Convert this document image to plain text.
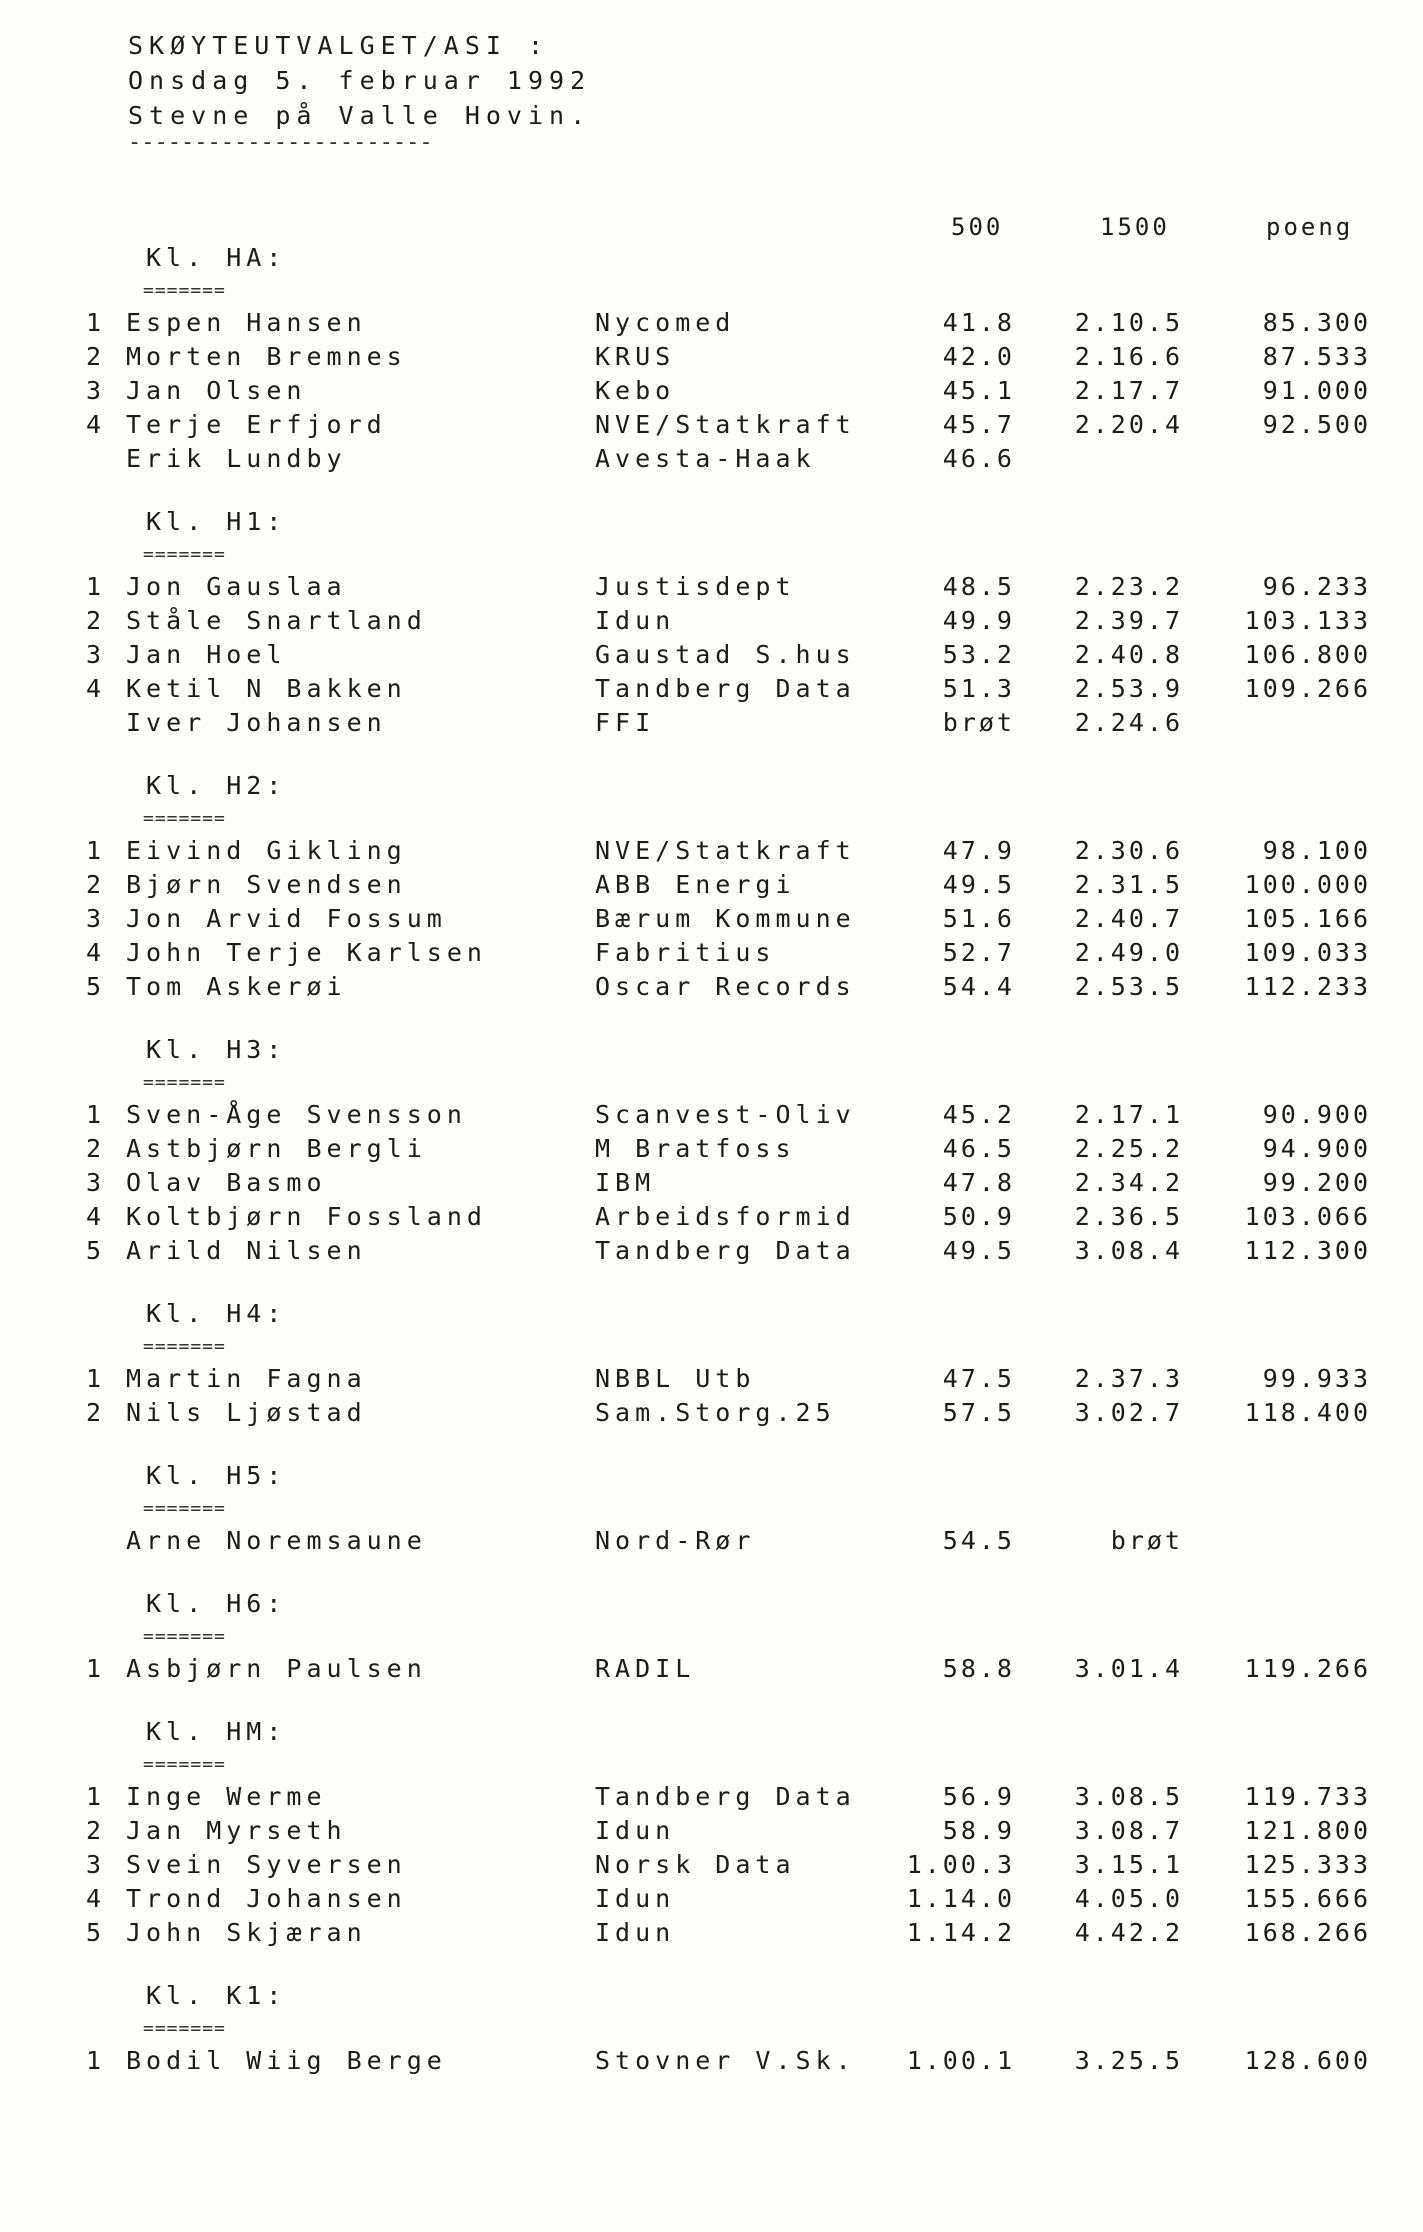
SKØYTEUTVALGET/ASI :
Onsdag 5. februar 1992
Stevne på Valle Hovin.
-----------------------
500	1500	poeng
Kl. HA:
=======
1 Espen Hansen	Nycomed	41.8 2.10.5	85.300
2 Morten Bremnes	KRUS	42.0 2.16.6	87.533
3 Jan Olsen	Kebo	45.1 2.17.7	91.000
4 Terje Erfjord	NVE/Statkraft	45.7 2.20.4	92.500
Erik Lundby	Avesta-Haak	46.6
Kl. H1:
=======
1 Jon Gauslaa	Justisdept	48.5 2.23.2	96.233
2 Ståle Snartland	Idun	49.9 2.39.7 103.133
3 Jan Hoel	Gaustad S.hus	53.2 2.40.8 106.800
4 Ketil N Bakken	Tandberg Data	51.3 2.53.9 109.266
Iver Johansen	FFI	brøt 2.24.6
Kl. H2:
=======
1 Eivind Gikling	NVE/Statkraft	47.9 2.30.6	98.100
2 Bjørn Svendsen	ABB Energi	49.5 2.31.5 100.000
3 Jon Arvid Fossum	Bærum Kommune	51.6 2.40.7 105.166
4 John Terje Karlsen	Fabritius	52.7 2.49.0 109.033
5 Tom Askerøi	Oscar Records	54.4 2.53.5 112.233
Kl. H3:
=======
1 Sven-Åge Svensson	Scanvest-Oliv	45.2 2.17.1	90.900
2 Astbjørn Bergli	M Bratfoss	46.5 2.25.2	94.900
3 Olav Basmo	IBM	47.8 2.34.2	99.200
4 Koltbjørn Fossland	Arbeidsformid	50.9 2.36.5 103.066
5 Arild Nilsen	Tandberg Data	49.5 3.08.4 112.300
Kl. H4:
=======
1 Martin Fagna	NBBL Utb	47.5 2.37.3	99.933
2 Nils Ljøstad	Sam.Storg.25	57.5 3.02.7 118.400
Kl. H5:
=======
Arne Noremsaune	Nord-Rør	54.5	brøt
Kl. H6:
=======
1 Asbjørn Paulsen	RADIL	58.8 3.01.4 119.266
Kl. HM:
=======
1 Inge Werme	Tandberg Data	56.9 3.08.5 119.733
2 Jan Myrseth	Idun	58.9 3.08.7 121.800
3 Svein Syversen	Norsk Data	1.00.3 3.15.1 125.333
4 Trond Johansen	Idun	1.14.0 4.05.0 155.666
5 John Skjæran	Idun	1.14.2 4.42.2 168.266
Kl. K1:
=======
1 Bodil Wiig Berge	Stovner V.Sk. 1.00.1 3.25.5 128.600
